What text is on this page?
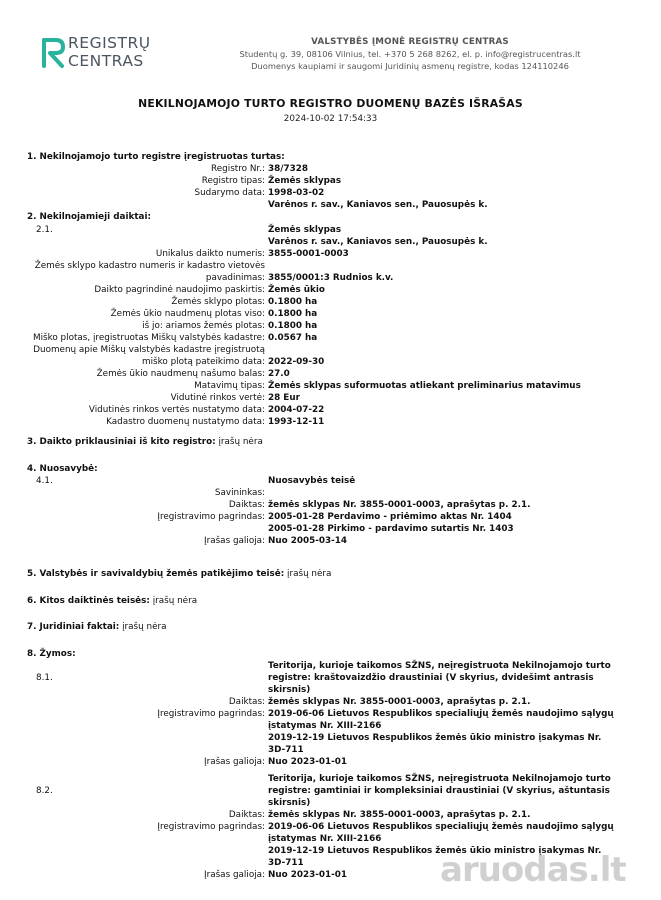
REGISTRŲ
CENTRAS
VALSTYBĖS ĮMONĖ REGISTRŲ CENTRAS
Studentų g. 39, 08106 Vilnius, tel. +370 5 268 8262, el. p. info@registrucentras.lt
Duomenys kaupiami ir saugomi Juridinių asmenų registre, kodas 124110246
NEKILNOJAMOJO TURTO REGISTRO DUOMENŲ BAZĖS IŠRAŠAS
2024-10-02 17:54:33
1. Nekilnojamojo turto registre įregistruotas turtas:
Registro Nr.: 38/7328
Registro tipas: Žemės sklypas
Sudarymo data: 1998-03-02
Varėnos r. sav., Kaniavos sen., Pauosupės k.
2. Nekilnojamieji daiktai:
2.1.	Žemės sklypas
Varėnos r. sav., Kaniavos sen., Pauosupės k.
Unikalus daikto numeris: 3855-0001-0003
Žemės sklypo kadastro numeris ir kadastro vietovės
pavadinimas: 3855/0001:3 Rudnios k.v.
Daikto pagrindinė naudojimo paskirtis: Žemės ūkio
Žemės sklypo plotas: 0.1800 ha
Žemės ūkio naudmenų plotas viso: 0.1800 ha
iš jo: ariamos žemės plotas: 0.1800 ha
Miško plotas, įregistruotas Miškų valstybės kadastre: 0.0567 ha
Duomenų apie Miškų valstybės kadastre įregistruotą
miško plotą pateikimo data: 2022-09-30
Žemės ūkio naudmenų našumo balas: 27.0
Matavimų tipas: Žemės sklypas suformuotas atliekant preliminarius matavimus
Vidutinė rinkos vertė: 28 Eur
Vidutinės rinkos vertės nustatymo data: 2004-07-22
Kadastro duomenų nustatymo data: 1993-12-11
3. Daikto priklausiniai iš kito registro: įrašų nėra
4. Nuosavybė:
4.1.	Nuosavybės teisė
Savininkas:
Daiktas: žemės sklypas Nr. 3855-0001-0003, aprašytas p. 2.1.
Įregistravimo pagrindas: 2005-01-28 Perdavimo - priėmimo aktas Nr. 1404
2005-01-28 Pirkimo - pardavimo sutartis Nr. 1403
Įrašas galioja: Nuo 2005-03-14
5. Valstybės ir savivaldybių žemės patikėjimo teisė: įrašų nėra
6. Kitos daiktinės teisės: įrašų nėra
7. Juridiniai faktai: įrašų nėra
8. Žymos:
Teritorija, kurioje taikomos SŽNS, neįregistruota Nekilnojamojo turto
8.1.	registre: kraštovaizdžio draustiniai (V skyrius, dvidešimt antrasis
skirsnis)
Daiktas: žemės sklypas Nr. 3855-0001-0003, aprašytas p. 2.1.
Įregistravimo pagrindas: 2019-06-06 Lietuvos Respublikos specialiųjų žemės naudojimo sąlygų
įstatymas Nr. XIII-2166
2019-12-19 Lietuvos Respublikos žemės ūkio ministro įsakymas Nr.
3D-711
Įrašas galioja: Nuo 2023-01-01
Teritorija, kurioje taikomos SŽNS, neįregistruota Nekilnojamojo turto
8.2.	registre: gamtiniai ir kompleksiniai draustiniai (V skyrius, aštuntasis
skirsnis)
Daiktas: žemės sklypas Nr. 3855-0001-0003, aprašytas p. 2.1.
Įregistravimo pagrindas: 2019-06-06 Lietuvos Respublikos specialiųjų žemės naudojimo sąlygų
įstatymas Nr. XIII-2166
2019-12-19 Lietuvos Respublikos žemės ūkio ministro įsakymas Nr.
3D-711
Įrašas galioja: Nuo 2023-01-01	aruodas.lt
